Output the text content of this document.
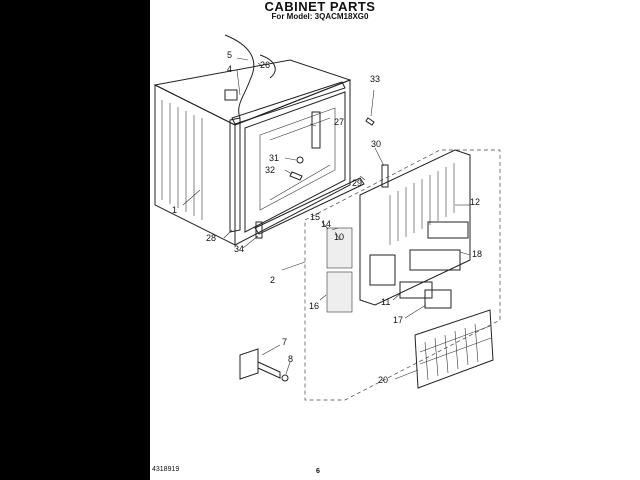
CABINET PARTS
For Model: 3QACM18XG0
1
2
4
5
7
8
10
11
12
14
15
16
17
18
20
26
27
28
29
30
31
32
33
34
4318919	6
